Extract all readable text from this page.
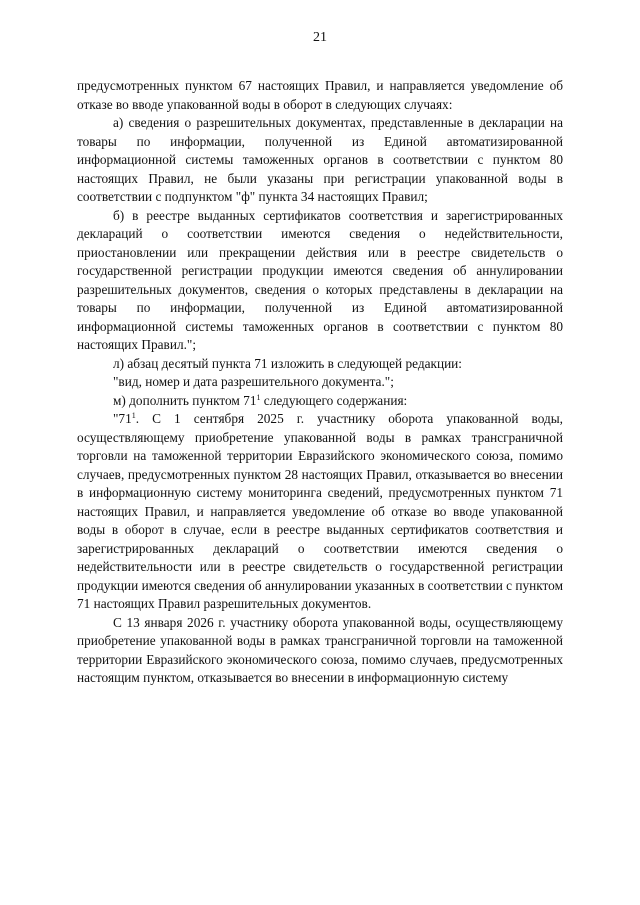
21

предусмотренных пунктом 67 настоящих Правил, и направляется уведомление об отказе во вводе упакованной воды в оборот в следующих случаях:

а) сведения о разрешительных документах, представленные в декларации на товары по информации, полученной из Единой автоматизированной информационной системы таможенных органов в соответствии с пунктом 80 настоящих Правил, не были указаны при регистрации упакованной воды в соответствии с подпунктом "ф" пункта 34 настоящих Правил;

б) в реестре выданных сертификатов соответствия и зарегистрированных деклараций о соответствии имеются сведения о недействительности, приостановлении или прекращении действия или в реестре свидетельств о государственной регистрации продукции имеются сведения об аннулировании разрешительных документов, сведения о которых представлены в декларации на товары по информации, полученной из Единой автоматизированной информационной системы таможенных органов в соответствии с пунктом 80 настоящих Правил.";

л) абзац десятый пункта 71 изложить в следующей редакции:

"вид, номер и дата разрешительного документа.";

м) дополнить пунктом $71^1$ следующего содержания:

"$71^1$. С 1 сентября 2025 г. участнику оборота упакованной воды, осуществляющему приобретение упакованной воды в рамках трансграничной торговли на таможенной территории Евразийского экономического союза, помимо случаев, предусмотренных пунктом 28 настоящих Правил, отказывается во внесении в информационную систему мониторинга сведений, предусмотренных пунктом 71 настоящих Правил, и направляется уведомление об отказе во вводе упакованной воды в оборот в случае, если в реестре выданных сертификатов соответствия и зарегистрированных деклараций о соответствии имеются сведения о недействительности или в реестре свидетельств о государственной регистрации продукции имеются сведения об аннулировании указанных в соответствии с пунктом 71 настоящих Правил разрешительных документов.

С 13 января 2026 г. участнику оборота упакованной воды, осуществляющему приобретение упакованной воды в рамках трансграничной торговли на таможенной территории Евразийского экономического союза, помимо случаев, предусмотренных настоящим пунктом, отказывается во внесении в информационную систему
